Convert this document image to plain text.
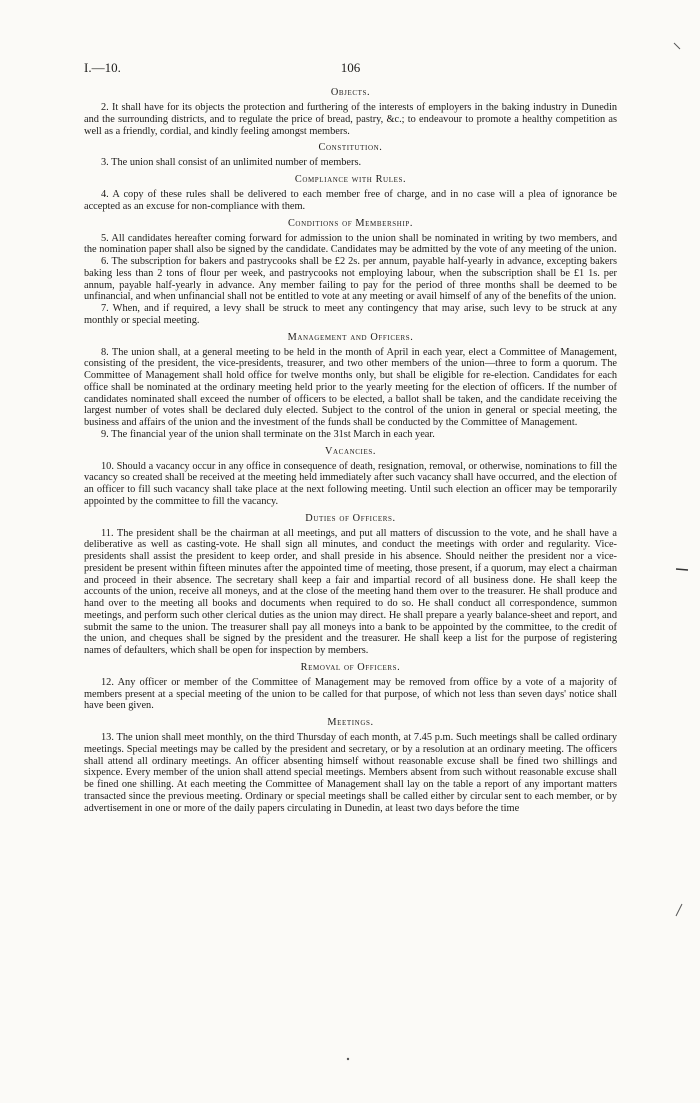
I.—10.	106
Objects.

2. It shall have for its objects the protection and furthering of the interests of employers in the baking industry in Dunedin and the surrounding districts, and to regulate the price of bread, pastry, &c.; to endeavour to promote a healthy competition as well as a friendly, cordial, and kindly feeling amongst members.

Constitution.

3. The union shall consist of an unlimited number of members.

Compliance with Rules.

4. A copy of these rules shall be delivered to each member free of charge, and in no case will a plea of ignorance be accepted as an excuse for non-compliance with them.

Conditions of Membership.

5. All candidates hereafter coming forward for admission to the union shall be nominated in writing by two members, and the nomination paper shall also be signed by the candidate. Candidates may be admitted by the vote of any meeting of the union.

6. The subscription for bakers and pastrycooks shall be £2 2s. per annum, payable half-yearly in advance, excepting bakers baking less than 2 tons of flour per week, and pastrycooks not employing labour, when the subscription shall be £1 1s. per annum, payable half-yearly in advance. Any member failing to pay for the period of three months shall be deemed to be unfinancial, and when unfinancial shall not be entitled to vote at any meeting or avail himself of any of the benefits of the union.

7. When, and if required, a levy shall be struck to meet any contingency that may arise, such levy to be struck at any monthly or special meeting.

Management and Officers.

8. The union shall, at a general meeting to be held in the month of April in each year, elect a Committee of Management, consisting of the president, the vice-presidents, treasurer, and two other members of the union—three to form a quorum. The Committee of Management shall hold office for twelve months only, but shall be eligible for re-election. Candidates for each office shall be nominated at the ordinary meeting held prior to the yearly meeting for the election of officers. If the number of candidates nominated shall exceed the number of officers to be elected, a ballot shall be taken, and the candidate receiving the largest number of votes shall be declared duly elected. Subject to the control of the union in general or special meeting, the business and affairs of the union and the investment of the funds shall be conducted by the Committee of Management.

9. The financial year of the union shall terminate on the 31st March in each year.

Vacancies.

10. Should a vacancy occur in any office in consequence of death, resignation, removal, or otherwise, nominations to fill the vacancy so created shall be received at the meeting held immediately after such vacancy shall have occurred, and the election of an officer to fill such vacancy shall take place at the next following meeting. Until such election an officer may be temporarily appointed by the committee to fill the vacancy.

Duties of Officers.

11. The president shall be the chairman at all meetings, and put all matters of discussion to the vote, and he shall have a deliberative as well as casting-vote. He shall sign all minutes, and conduct the meetings with order and regularity. Vice-presidents shall assist the president to keep order, and shall preside in his absence. Should neither the president nor a vice-president be present within fifteen minutes after the appointed time of meeting, those present, if a quorum, may elect a chairman and proceed in their absence. The secretary shall keep a fair and impartial record of all business done. He shall keep the accounts of the union, receive all moneys, and at the close of the meeting hand them over to the treasurer. He shall produce and hand over to the meeting all books and documents when required to do so. He shall conduct all correspondence, summon meetings, and perform such other clerical duties as the union may direct. He shall prepare a yearly balance-sheet and report, and submit the same to the union. The treasurer shall pay all moneys into a bank to be appointed by the committee, to the credit of the union, and cheques shall be signed by the president and the treasurer. He shall keep a list for the purpose of registering names of defaulters, which shall be open for inspection by members.

Removal of Officers.

12. Any officer or member of the Committee of Management may be removed from office by a vote of a majority of members present at a special meeting of the union to be called for that purpose, of which not less than seven days' notice shall have been given.

Meetings.

13. The union shall meet monthly, on the third Thursday of each month, at 7.45 p.m. Such meetings shall be called ordinary meetings. Special meetings may be called by the president and secretary, or by a resolution at an ordinary meeting. The officers shall attend all ordinary meetings. An officer absenting himself without reasonable excuse shall be fined two shillings and sixpence. Every member of the union shall attend special meetings. Members absent from such without reasonable excuse shall be fined one shilling. At each meeting the Committee of Management shall lay on the table a report of any important matters transacted since the previous meeting. Ordinary or special meetings shall be called either by circular sent to each member, or by advertisement in one or more of the daily papers circulating in Dunedin, at least two days before the time
